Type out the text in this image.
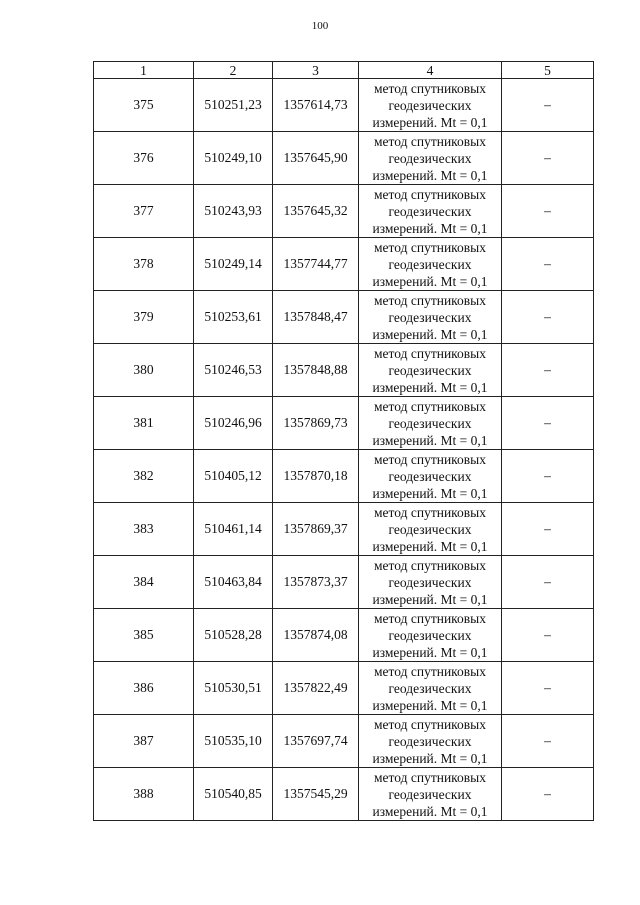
100
1	2	3	4	5
375	510251,23	1357614,73	метод спутниковых
геодезических
измерений. Mt = 0,1	–
376	510249,10	1357645,90	метод спутниковых
геодезических
измерений. Mt = 0,1	–
377	510243,93	1357645,32	метод спутниковых
геодезических
измерений. Mt = 0,1	–
378	510249,14	1357744,77	метод спутниковых
геодезических
измерений. Mt = 0,1	–
379	510253,61	1357848,47	метод спутниковых
геодезических
измерений. Mt = 0,1	–
380	510246,53	1357848,88	метод спутниковых
геодезических
измерений. Mt = 0,1	–
381	510246,96	1357869,73	метод спутниковых
геодезических
измерений. Mt = 0,1	–
382	510405,12	1357870,18	метод спутниковых
геодезических
измерений. Mt = 0,1	–
383	510461,14	1357869,37	метод спутниковых
геодезических
измерений. Mt = 0,1	–
384	510463,84	1357873,37	метод спутниковых
геодезических
измерений. Mt = 0,1	–
385	510528,28	1357874,08	метод спутниковых
геодезических
измерений. Mt = 0,1	–
386	510530,51	1357822,49	метод спутниковых
геодезических
измерений. Mt = 0,1	–
387	510535,10	1357697,74	метод спутниковых
геодезических
измерений. Mt = 0,1	–
388	510540,85	1357545,29	метод спутниковых
геодезических
измерений. Mt = 0,1	–
